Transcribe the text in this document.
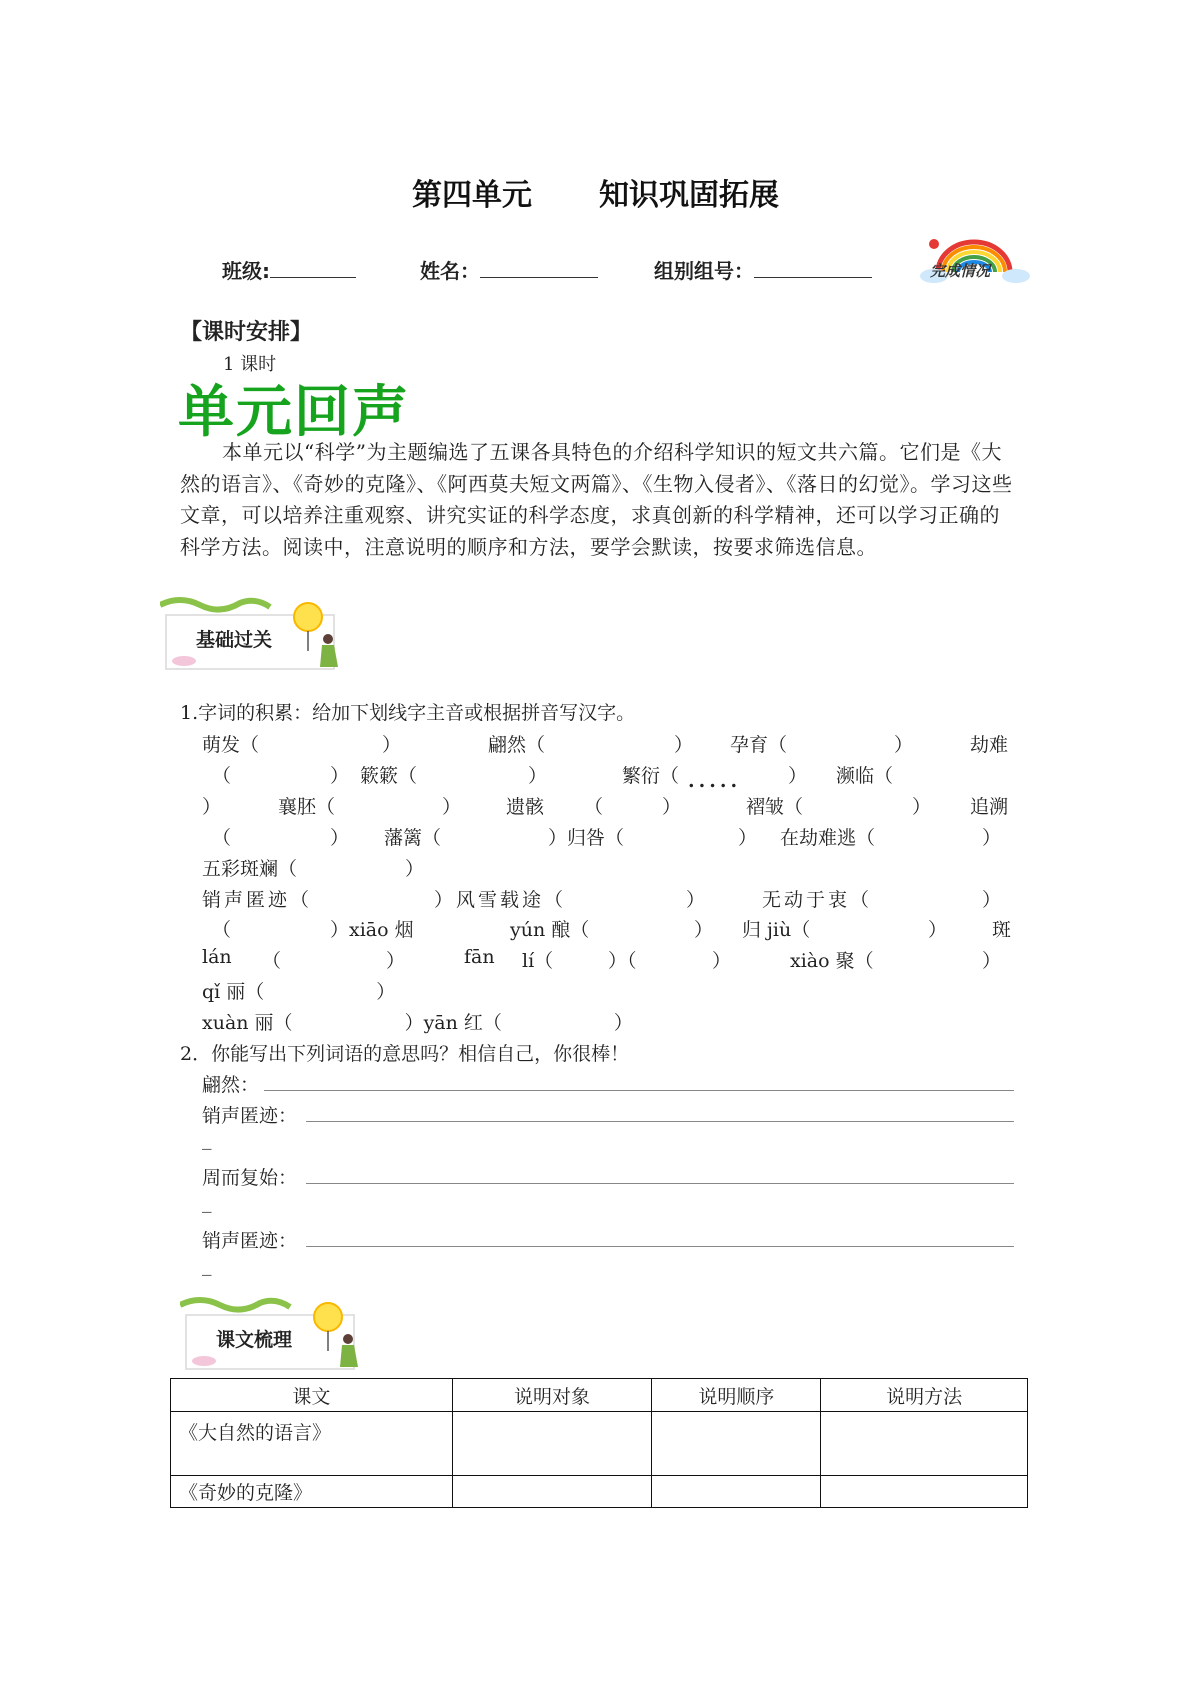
第四单元 知识巩固拓展
班级:	姓名：	组别组号：	完成情况
【课时安排】
1 课时
单元回声
本单元以“科学”为主题编选了五课各具特色的介绍科学知识的短文共六篇。它们是《大然的语言》、《奇妙的克隆》、《阿西莫夫短文两篇》、《生物入侵者》、《落日的幻觉》。学习这些文章，可以培养注重观察、讲究实证的科学态度，求真创新的科学精神，还可以学习正确的科学方法。阅读中，注意说明的顺序和方法，要学会默读，按要求筛选信息。
基础过关
1.字词的积累：给加下划线字主音或根据拼音写汉字。
萌发（	）	翩然（	） 孕育（	）	劫难
（	） 簌簌（	）	繁衍（	） 濒临（
.....
）	襄胚（	） 遗骸 （	）	褶皱（	） 追溯
（	） 藩篱（	）归咎（	） 在劫难逃（	）
五彩斑斓（	）
销声匿迹（	）风雪载途（	）	无动于衷（	）
（	）xiāo 烟	yún 酿（	） 归 jiù（	） 斑
lán （	）	fān lí（	）（	）	xiào 聚（	）
qǐ 丽（	）
xuàn 丽（	）yān 红（	）
2．你能写出下列词语的意思吗？相信自己，你很棒！
翩然：
销声匿迹：
_
周而复始：
_
销声匿迹：
_
课文梳理
课文	说明对象	说明顺序	说明方法
《大自然的语言》			
《奇妙的克隆》			
